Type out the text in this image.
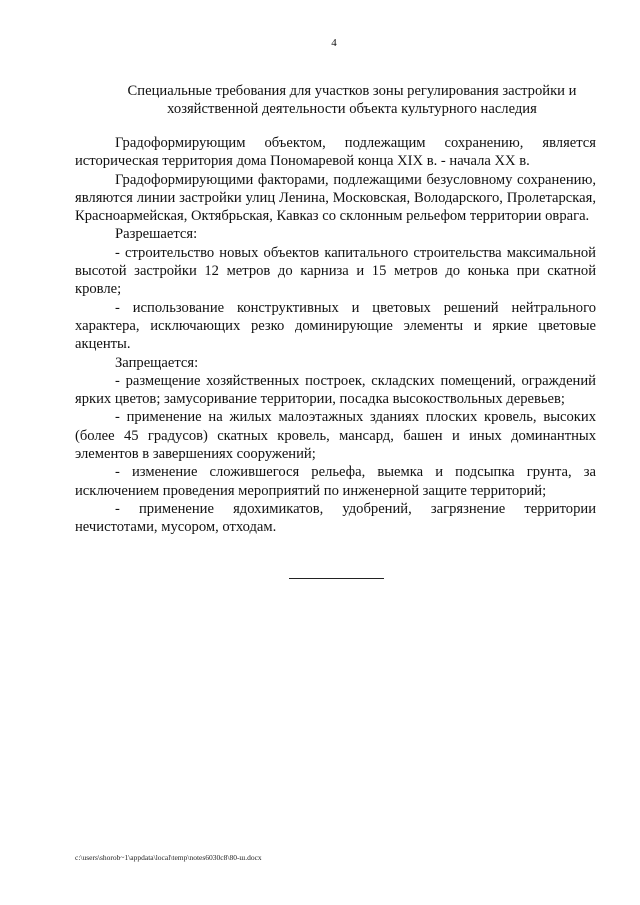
4
Специальные требования для участков зоны регулирования застройки и
хозяйственной деятельности объекта культурного наследия

Градоформирующим объектом, подлежащим сохранению, является историческая территория дома Пономаревой конца XIX в. - начала XX в.

Градоформирующими факторами, подлежащими безусловному сохранению, являются линии застройки улиц Ленина, Московская, Володарского, Пролетарская, Красноармейская, Октябрьская, Кавказ со склонным рельефом территории оврага.

Разрешается:

- строительство новых объектов капитального строительства максимальной высотой застройки 12 метров до карниза и 15 метров до конька при скатной кровле;

- использование конструктивных и цветовых решений нейтрального характера, исключающих резко доминирующие элементы и яркие цветовые акценты.

Запрещается:

- размещение хозяйственных построек, складских помещений, ограждений ярких цветов; замусоривание территории, посадка высокоствольных деревьев;

- применение на жилых малоэтажных зданиях плоских кровель, высоких (более 45 градусов) скатных кровель, мансард, башен и иных доминантных элементов в завершениях сооружений;

- изменение сложившегося рельефа, выемка и подсыпка грунта, за исключением проведения мероприятий по инженерной защите территорий;

- применение ядохимикатов, удобрений, загрязнение территории нечистотами, мусором, отходам.

c:\users\shorob~1\appdata\local\temp\notes6030c8\80-ш.docx
